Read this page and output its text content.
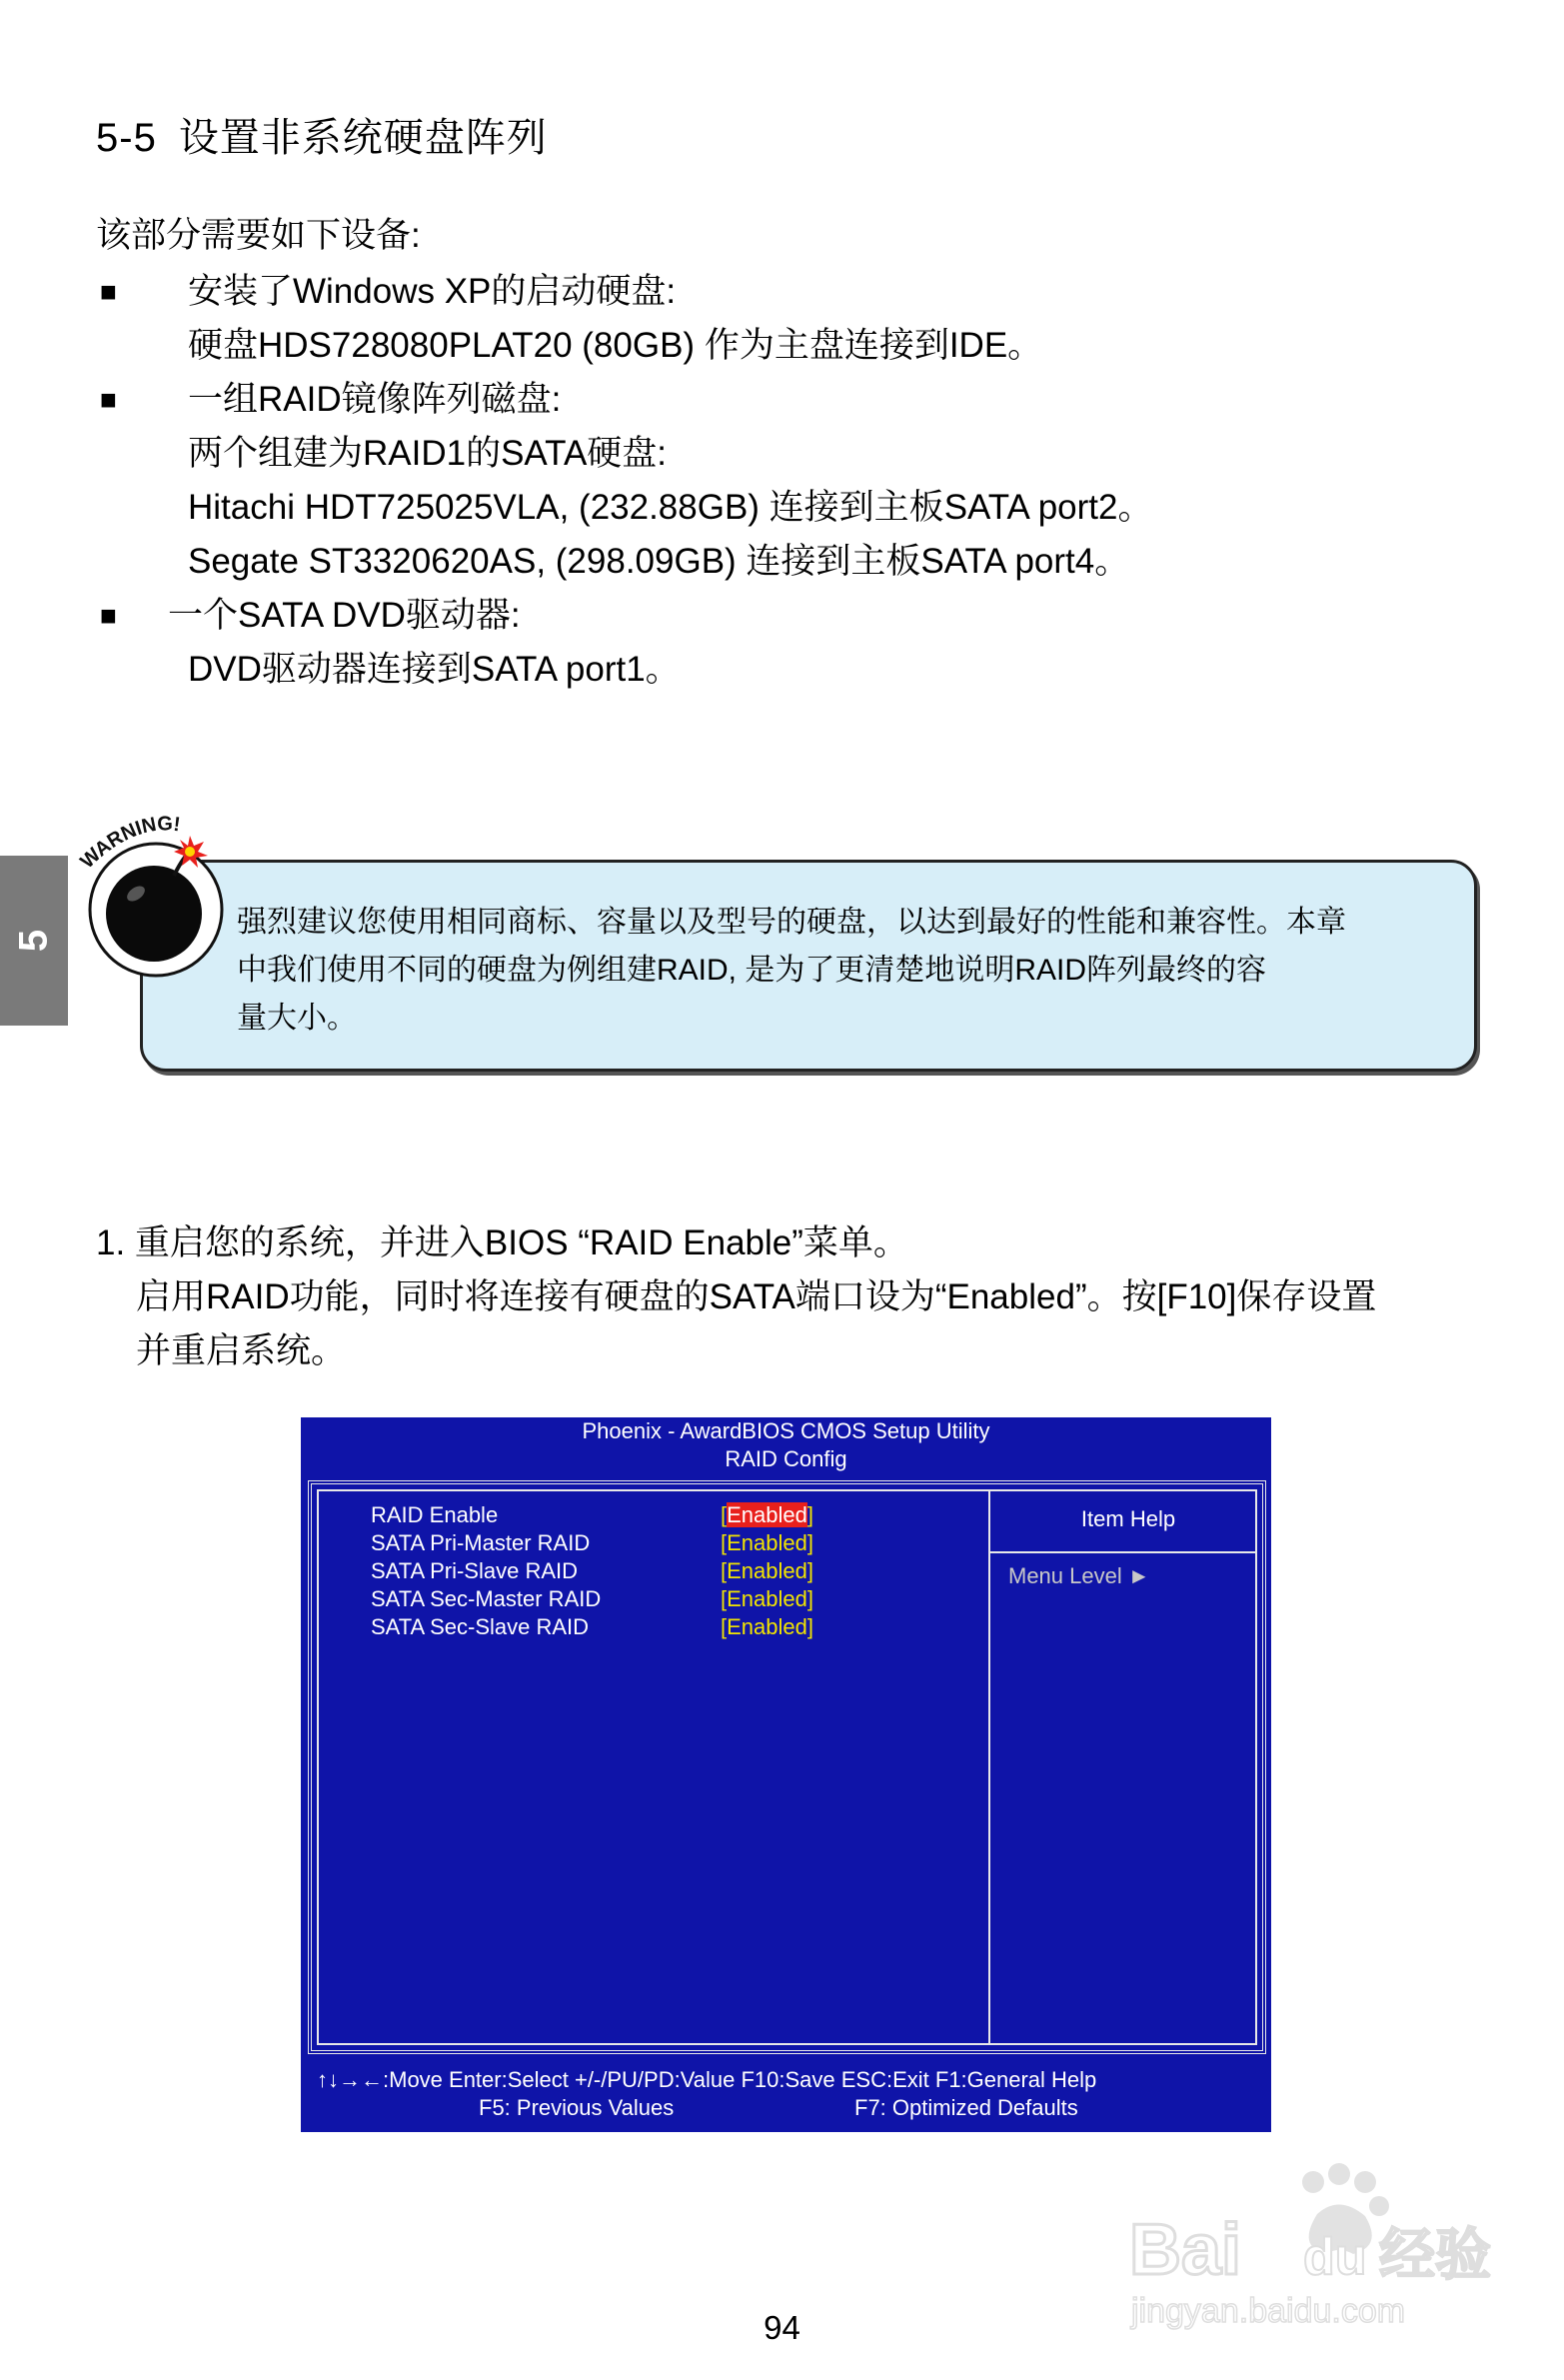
5-5 设置非系统硬盘阵列
该部分需要如下设备:
■ 安装了Windows XP的启动硬盘:
硬盘HDS728080PLAT20 (80GB) 作为主盘连接到IDE。
■ 一组RAID镜像阵列磁盘:
两个组建为RAID1的SATA硬盘:
Hitachi HDT725025VLA, (232.88GB) 连接到主板SATA port2。
Segate ST3320620AS, (298.09GB) 连接到主板SATA port4。
■ 一个SATA DVD驱动器:
DVD驱动器连接到SATA port1。
5
强烈建议您使用相同商标、容量以及型号的硬盘，以达到最好的性能和兼容性。本章
中我们使用不同的硬盘为例组建RAID, 是为了更清楚地说明RAID阵列最终的容
量大小。
WARNING!
1. 重启您的系统，并进入BIOS “RAID Enable”菜单。
启用RAID功能，同时将连接有硬盘的SATA端口设为“Enabled”。按[F10]保存设置
并重启系统。
Phoenix - AwardBIOS CMOS Setup Utility
RAID Config
RAID Enable	[Enabled]
SATA Pri-Master RAID	[Enabled]
SATA Pri-Slave RAID	[Enabled]
SATA Sec-Master RAID	[Enabled]
SATA Sec-Slave RAID	[Enabled]
Item Help
Menu Level ►
↑↓→←:Move Enter:Select +/-/PU/PD:Value F10:Save ESC:Exit F1:General Help
F5: Previous Values	F7: Optimized Defaults
94
Bai du 经验
jingyan.baidu.com
